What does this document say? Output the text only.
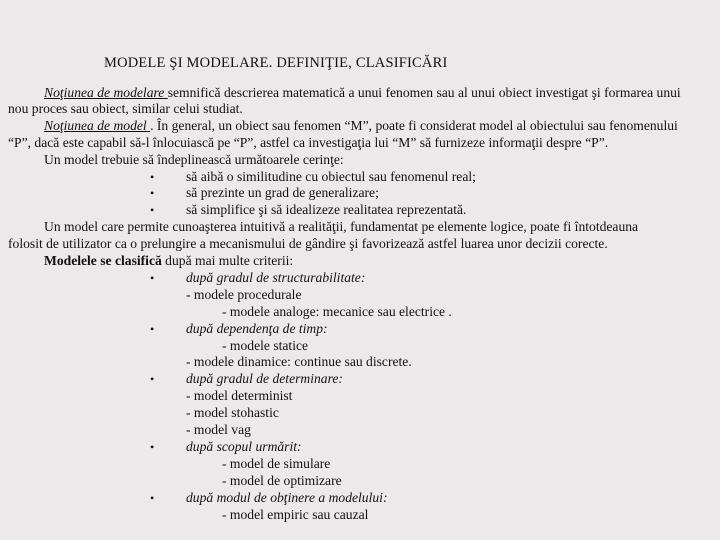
MODELE ŞI MODELARE. DEFINIŢIE, CLASIFICĂRI
Noţiunea de modelare semnifică descrierea matematică a unui fenomen sau al unui obiect investigat şi formarea unui
nou proces sau obiect, similar celui studiat.
Noţiunea de model . În general, un obiect sau fenomen “M”, poate fi considerat model al obiectului sau fenomenului
“P”, dacă este capabil să-l înlocuiască pe “P”, astfel ca investigaţia lui “M” să furnizeze informaţii despre “P”.
Un model trebuie să îndeplinească următoarele cerinţe:
• să aibă o similitudine cu obiectul sau fenomenul real;
• să prezinte un grad de generalizare;
• să simplifice şi să idealizeze realitatea reprezentată.
Un model care permite cunoaşterea intuitivă a realităţii, fundamentat pe elemente logice, poate fi întotdeauna
folosit de utilizator ca o prelungire a mecanismului de gândire şi favorizează astfel luarea unor decizii corecte.
Modelele se clasifică după mai multe criterii:
• după gradul de structurabilitate:
- modele procedurale
- modele analoge: mecanice sau electrice .
• după dependenţa de timp:
- modele statice
- modele dinamice: continue sau discrete.
• după gradul de determinare:
- model determinist
- model stohastic
- model vag
• după scopul urmărit:
- model de simulare
- model de optimizare
• după modul de obţinere a modelului:
- model empiric sau cauzal
